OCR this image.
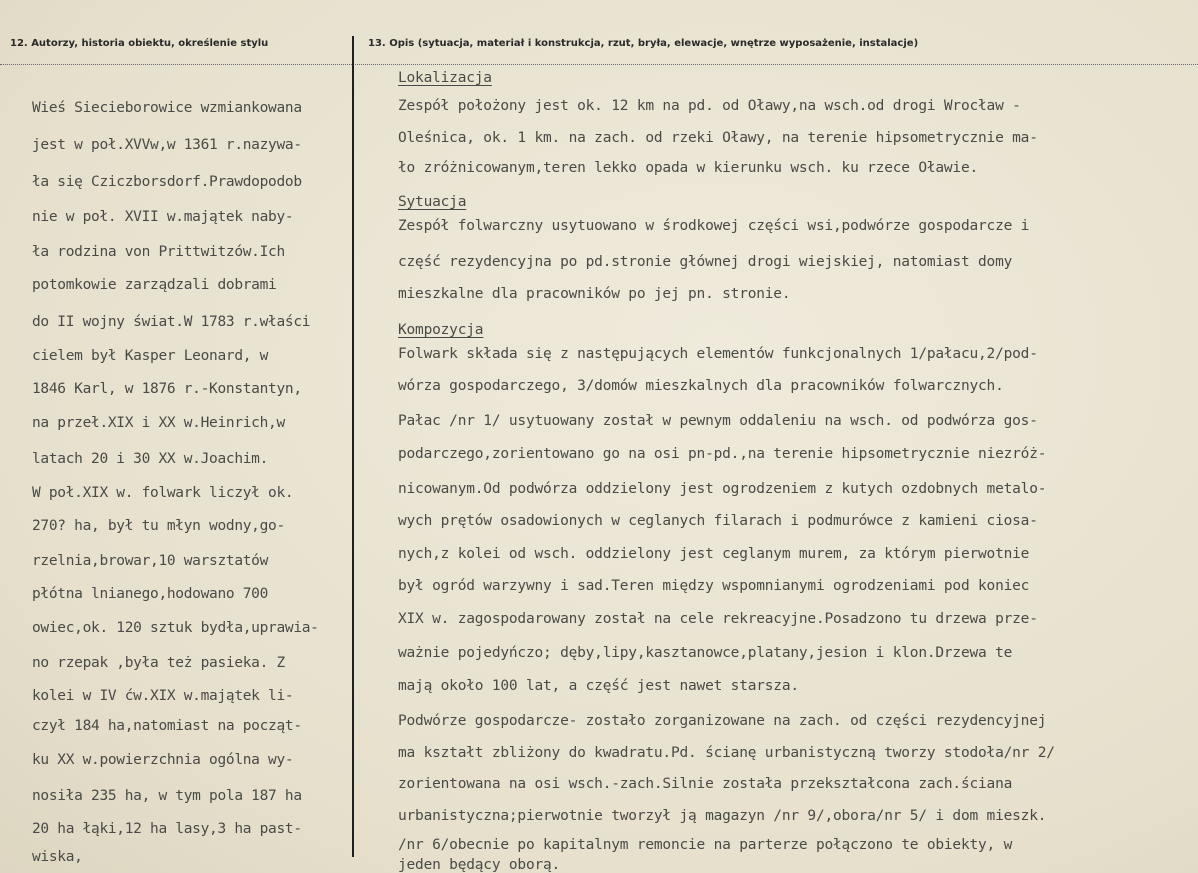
12. Autorzy, historia obiektu, określenie stylu	13. Opis (sytuacja, materiał i konstrukcja, rzut, bryła, elewacje, wnętrze wyposażenie, instalacje)
Wieś Siecieborowice wzmiankowana
jest w poł.XVVw,w 1361 r.nazywa-
ła się Cziczborsdorf.Prawdopodob
nie w poł. XVII w.majątek naby-
ła rodzina von Prittwitzów.Ich
potomkowie zarządzali dobrami
do II wojny świat.W 1783 r.właści
cielem był Kasper Leonard, w
1846 Karl, w 1876 r.-Konstantyn,
na przeł.XIX i XX w.Heinrich,w
latach 20 i 30 XX w.Joachim.
W poł.XIX w. folwark liczył ok.
270? ha, był tu młyn wodny,go-
rzelnia,browar,10 warsztatów
płótna lnianego,hodowano 700
owiec,ok. 120 sztuk bydła,uprawia-
no rzepak ,była też pasieka. Z
kolei w IV ćw.XIX w.majątek li-
czył 184 ha,natomiast na począt-
ku XX w.powierzchnia ogólna wy-
nosiła 235 ha, w tym pola 187 ha
20 ha łąki,12 ha lasy,3 ha past-
wiska,
Lokalizacja
Zespół położony jest ok. 12 km na pd. od Oławy,na wsch.od drogi Wrocław -
Oleśnica, ok. 1 km. na zach. od rzeki Oławy, na terenie hipsometrycznie ma-
ło zróżnicowanym,teren lekko opada w kierunku wsch. ku rzece Oławie.
Sytuacja
Zespół folwarczny usytuowano w środkowej części wsi,podwórze gospodarcze i
część rezydencyjna po pd.stronie głównej drogi wiejskiej, natomiast domy
mieszkalne dla pracowników po jej pn. stronie.
Kompozycja
Folwark składa się z następujących elementów funkcjonalnych 1/pałacu,2/pod-
wórza gospodarczego, 3/domów mieszkalnych dla pracowników folwarcznych.
Pałac /nr 1/ usytuowany został w pewnym oddaleniu na wsch. od podwórza gos-
podarczego,zorientowano go na osi pn-pd.,na terenie hipsometrycznie niezróż-
nicowanym.Od podwórza oddzielony jest ogrodzeniem z kutych ozdobnych metalo-
wych prętów osadowionych w ceglanych filarach i podmurówce z kamieni ciosa-
nych,z kolei od wsch. oddzielony jest ceglanym murem, za którym pierwotnie
był ogród warzywny i sad.Teren między wspomnianymi ogrodzeniami pod koniec
XIX w. zagospodarowany został na cele rekreacyjne.Posadzono tu drzewa prze-
ważnie pojedyńczo; dęby,lipy,kasztanowce,platany,jesion i klon.Drzewa te
mają około 100 lat, a część jest nawet starsza.
Podwórze gospodarcze- zostało zorganizowane na zach. od części rezydencyjnej
ma kształt zbliżony do kwadratu.Pd. ścianę urbanistyczną tworzy stodoła/nr 2/
zorientowana na osi wsch.-zach.Silnie została przekształcona zach.ściana
urbanistyczna;pierwotnie tworzył ją magazyn /nr 9/,obora/nr 5/ i dom mieszk.
/nr 6/obecnie po kapitalnym remoncie na parterze połączono te obiekty, w
jeden będący oborą.
